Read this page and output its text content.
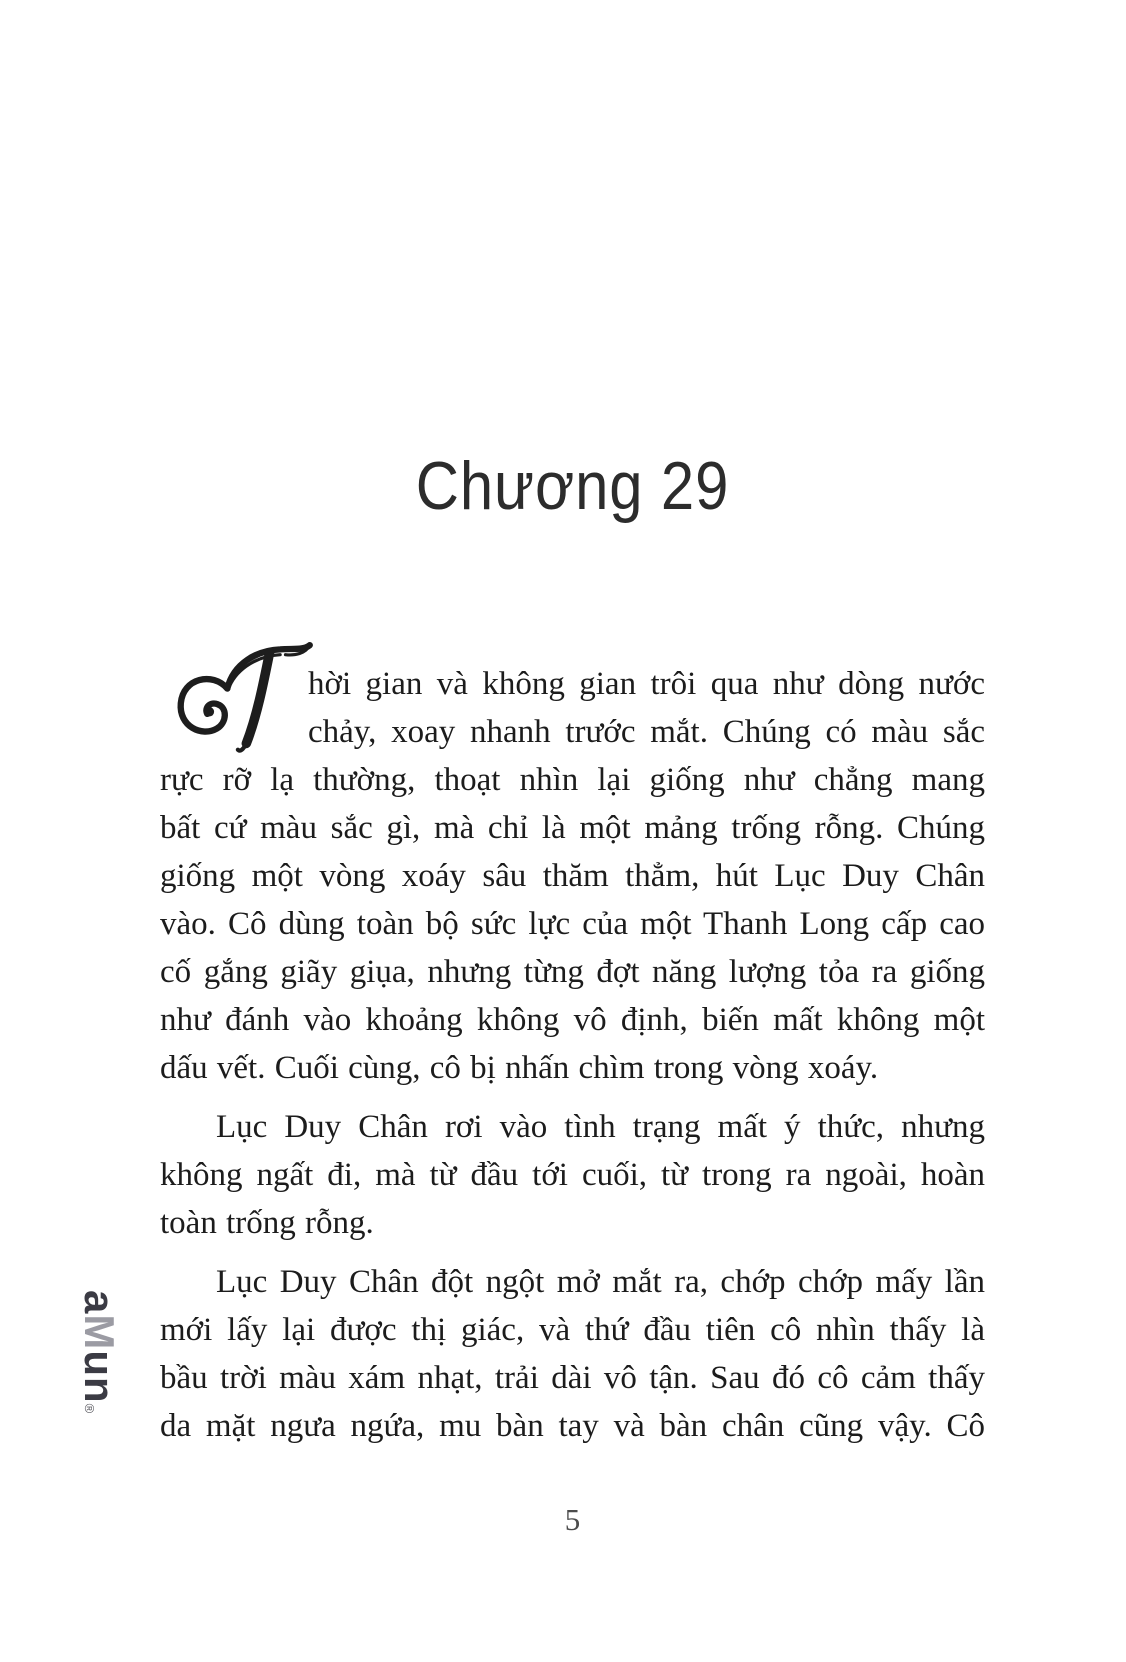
Chương 29
hời gian và không gian trôi qua như dòng nước
chảy, xoay nhanh trước mắt. Chúng có màu sắc
rực rỡ lạ thường, thoạt nhìn lại giống như chẳng mang
bất cứ màu sắc gì, mà chỉ là một mảng trống rỗng. Chúng
giống một vòng xoáy sâu thăm thẳm, hút Lục Duy Chân
vào. Cô dùng toàn bộ sức lực của một Thanh Long cấp cao
cố gắng giãy giụa, nhưng từng đợt năng lượng tỏa ra giống
như đánh vào khoảng không vô định, biến mất không một
dấu vết. Cuối cùng, cô bị nhấn chìm trong vòng xoáy.
Lục Duy Chân rơi vào tình trạng mất ý thức, nhưng
không ngất đi, mà từ đầu tới cuối, từ trong ra ngoài, hoàn
toàn trống rỗng.
Lục Duy Chân đột ngột mở mắt ra, chớp chớp mấy lần
mới lấy lại được thị giác, và thứ đầu tiên cô nhìn thấy là
bầu trời màu xám nhạt, trải dài vô tận. Sau đó cô cảm thấy
da mặt ngưa ngứa, mu bàn tay và bàn chân cũng vậy. Cô
aMun®
5
